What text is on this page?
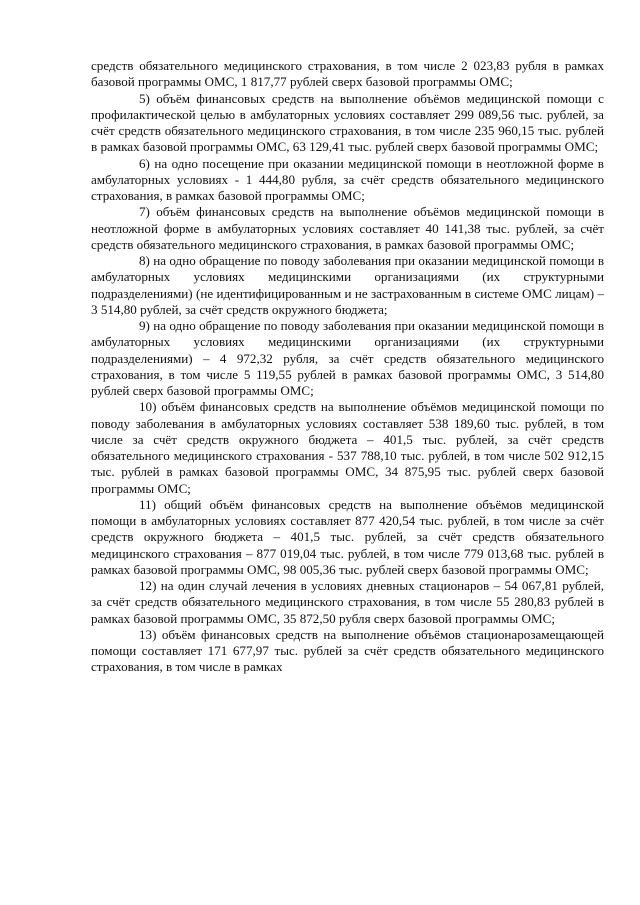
средств обязательного медицинского страхования, в том числе 2 023,83 рубля в рамках базовой программы ОМС, 1 817,77 рублей сверх базовой программы ОМС;
5) объём финансовых средств на выполнение объёмов медицинской помощи с профилактической целью в амбулаторных условиях составляет 299 089,56 тыс. рублей, за счёт средств обязательного медицинского страхования, в том числе 235 960,15 тыс. рублей в рамках базовой программы ОМС, 63 129,41 тыс. рублей сверх базовой программы ОМС;
6) на одно посещение при оказании медицинской помощи в неотложной форме в амбулаторных условиях - 1 444,80 рубля, за счёт средств обязательного медицинского страхования, в рамках базовой программы ОМС;
7) объём финансовых средств на выполнение объёмов медицинской помощи в неотложной форме в амбулаторных условиях составляет 40 141,38 тыс. рублей, за счёт средств обязательного медицинского страхования, в рамках базовой программы ОМС;
8) на одно обращение по поводу заболевания при оказании медицинской помощи в амбулаторных условиях медицинскими организациями (их структурными подразделениями) (не идентифицированным и не застрахованным в системе ОМС лицам) – 3 514,80 рублей, за счёт средств окружного бюджета;
9) на одно обращение по поводу заболевания при оказании медицинской помощи в амбулаторных условиях медицинскими организациями (их структурными подразделениями) – 4 972,32 рубля, за счёт средств обязательного медицинского страхования, в том числе 5 119,55 рублей в рамках базовой программы ОМС, 3 514,80 рублей сверх базовой программы ОМС;
10) объём финансовых средств на выполнение объёмов медицинской помощи по поводу заболевания в амбулаторных условиях составляет 538 189,60 тыс. рублей, в том числе за счёт средств окружного бюджета – 401,5 тыс. рублей, за счёт средств обязательного медицинского страхования - 537 788,10 тыс. рублей, в том числе 502 912,15 тыс. рублей в рамках базовой программы ОМС, 34 875,95 тыс. рублей сверх базовой программы ОМС;
11) общий объём финансовых средств на выполнение объёмов медицинской помощи в амбулаторных условиях составляет 877 420,54 тыс. рублей, в том числе за счёт средств окружного бюджета – 401,5 тыс. рублей, за счёт средств обязательного медицинского страхования – 877 019,04 тыс. рублей, в том числе 779 013,68 тыс. рублей в рамках базовой программы ОМС, 98 005,36 тыс. рублей сверх базовой программы ОМС;
12) на один случай лечения в условиях дневных стационаров – 54 067,81 рублей, за счёт средств обязательного медицинского страхования, в том числе 55 280,83 рублей в рамках базовой программы ОМС, 35 872,50 рубля сверх базовой программы ОМС;
13) объём финансовых средств на выполнение объёмов стационарозамещающей помощи составляет 171 677,97 тыс. рублей за счёт средств обязательного медицинского страхования, в том числе в рамках
